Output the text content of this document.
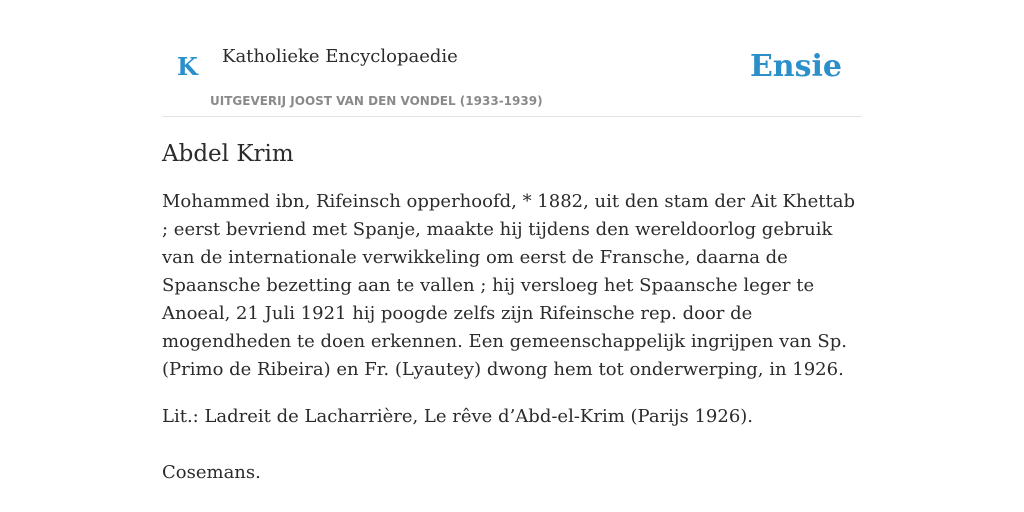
K Katholieke Encyclopaedie
UITGEVERIJ JOOST VAN DEN VONDEL (1933-1939)
Ensie
Abdel Krim

Mohammed ibn, Rifeinsch opperhoofd, * 1882, uit den stam der Ait Khettab ; eerst bevriend met Spanje, maakte hij tijdens den wereldoorlog gebruik van de internationale verwikkeling om eerst de Fransche, daarna de Spaansche bezetting aan te vallen ; hij versloeg het Spaansche leger te Anoeal, 21 Juli 1921 hij poogde zelfs zijn Rifeinsche rep. door de mogendheden te doen erkennen. Een gemeenschappelijk ingrijpen van Sp. (Primo de Ribeira) en Fr. (Lyautey) dwong hem tot onderwerping, in 1926.

Lit.: Ladreit de Lacharrière, Le rêve d’Abd-el-Krim (Parijs 1926).

Cosemans.
